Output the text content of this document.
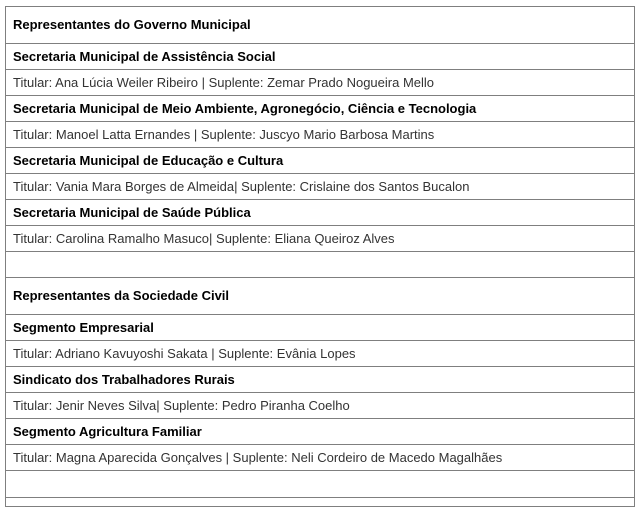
Representantes do Governo Municipal
Secretaria Municipal de Assistência Social
Titular: Ana Lúcia Weiler Ribeiro | Suplente: Zemar Prado Nogueira Mello
Secretaria Municipal de Meio Ambiente, Agronegócio, Ciência e Tecnologia
Titular: Manoel Latta Ernandes | Suplente: Juscyo Mario Barbosa Martins
Secretaria Municipal de Educação e Cultura
Titular: Vania Mara Borges de Almeida| Suplente: Crislaine dos Santos Bucalon
Secretaria Municipal de Saúde Pública
Titular: Carolina Ramalho Masuco| Suplente: Eliana Queiroz Alves

Representantes da Sociedade Civil
Segmento Empresarial
Titular: Adriano Kavuyoshi Sakata | Suplente: Evânia Lopes
Sindicato dos Trabalhadores Rurais
Titular: Jenir Neves Silva| Suplente: Pedro Piranha Coelho
Segmento Agricultura Familiar
Titular: Magna Aparecida Gonçalves | Suplente: Neli Cordeiro de Macedo Magalhães
